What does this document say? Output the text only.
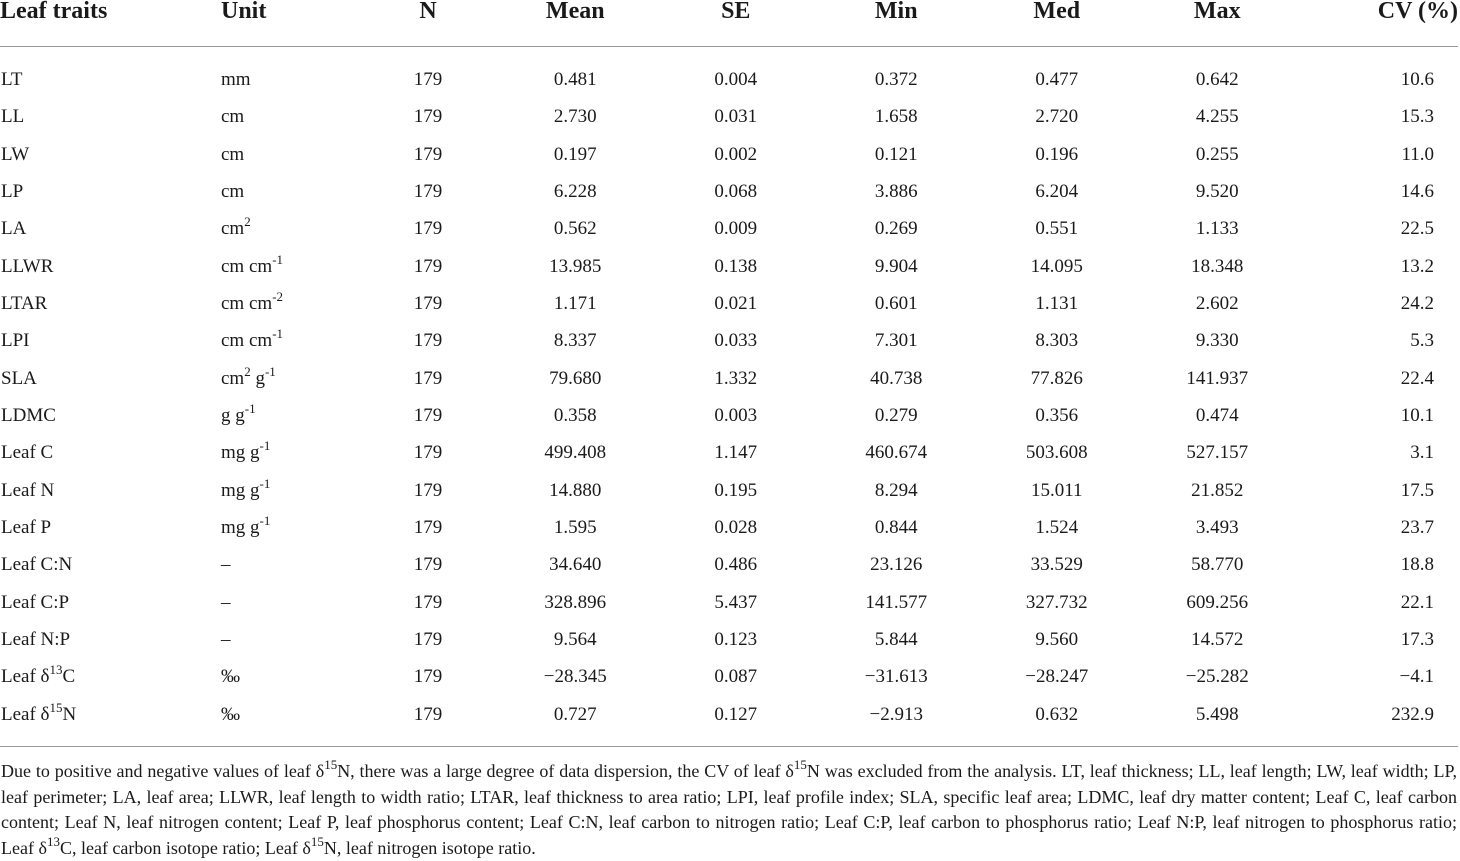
Leaf traits	Unit	N	Mean	SE	Min	Med	Max	CV (%)
LT	mm	179	0.481	0.004	0.372	0.477	0.642	10.6
LL	cm	179	2.730	0.031	1.658	2.720	4.255	15.3
LW	cm	179	0.197	0.002	0.121	0.196	0.255	11.0
LP	cm	179	6.228	0.068	3.886	6.204	9.520	14.6
LA	$cm^2$	179	0.562	0.009	0.269	0.551	1.133	22.5
LLWR	cm $cm^{-1}$	179	13.985	0.138	9.904	14.095	18.348	13.2
LTAR	cm $cm^{-2}$	179	1.171	0.021	0.601	1.131	2.602	24.2
LPI	cm $cm^{-1}$	179	8.337	0.033	7.301	8.303	9.330	5.3
SLA	$cm^2$ $g^{-1}$	179	79.680	1.332	40.738	77.826	141.937	22.4
LDMC	g $g^{-1}$	179	0.358	0.003	0.279	0.356	0.474	10.1
Leaf C	mg $g^{-1}$	179	499.408	1.147	460.674	503.608	527.157	3.1
Leaf N	mg $g^{-1}$	179	14.880	0.195	8.294	15.011	21.852	17.5
Leaf P	mg $g^{-1}$	179	1.595	0.028	0.844	1.524	3.493	23.7
Leaf C:N	–	179	34.640	0.486	23.126	33.529	58.770	18.8
Leaf C:P	–	179	328.896	5.437	141.577	327.732	609.256	22.1
Leaf N:P	–	179	9.564	0.123	5.844	9.560	14.572	17.3
Leaf $\delta^{13}C$	‰	179	−28.345	0.087	−31.613	−28.247	−25.282	−4.1
Leaf $\delta^{15}N$	‰	179	0.727	0.127	−2.913	0.632	5.498	232.9
Due to positive and negative values of leaf $\delta^{15}N$, there was a large degree of data dispersion, the CV of leaf $\delta^{15}N$ was excluded from the analysis. LT, leaf thickness; LL, leaf length; LW, leaf width; LP, leaf perimeter; LA, leaf area; LLWR, leaf length to width ratio; LTAR, leaf thickness to area ratio; LPI, leaf profile index; SLA, specific leaf area; LDMC, leaf dry matter content; Leaf C, leaf carbon content; Leaf N, leaf nitrogen content; Leaf P, leaf phosphorus content; Leaf C:N, leaf carbon to nitrogen ratio; Leaf C:P, leaf carbon to phosphorus ratio; Leaf N:P, leaf nitrogen to phosphorus ratio; Leaf $\delta^{13}C$, leaf carbon isotope ratio; Leaf $\delta^{15}N$, leaf nitrogen isotope ratio.
